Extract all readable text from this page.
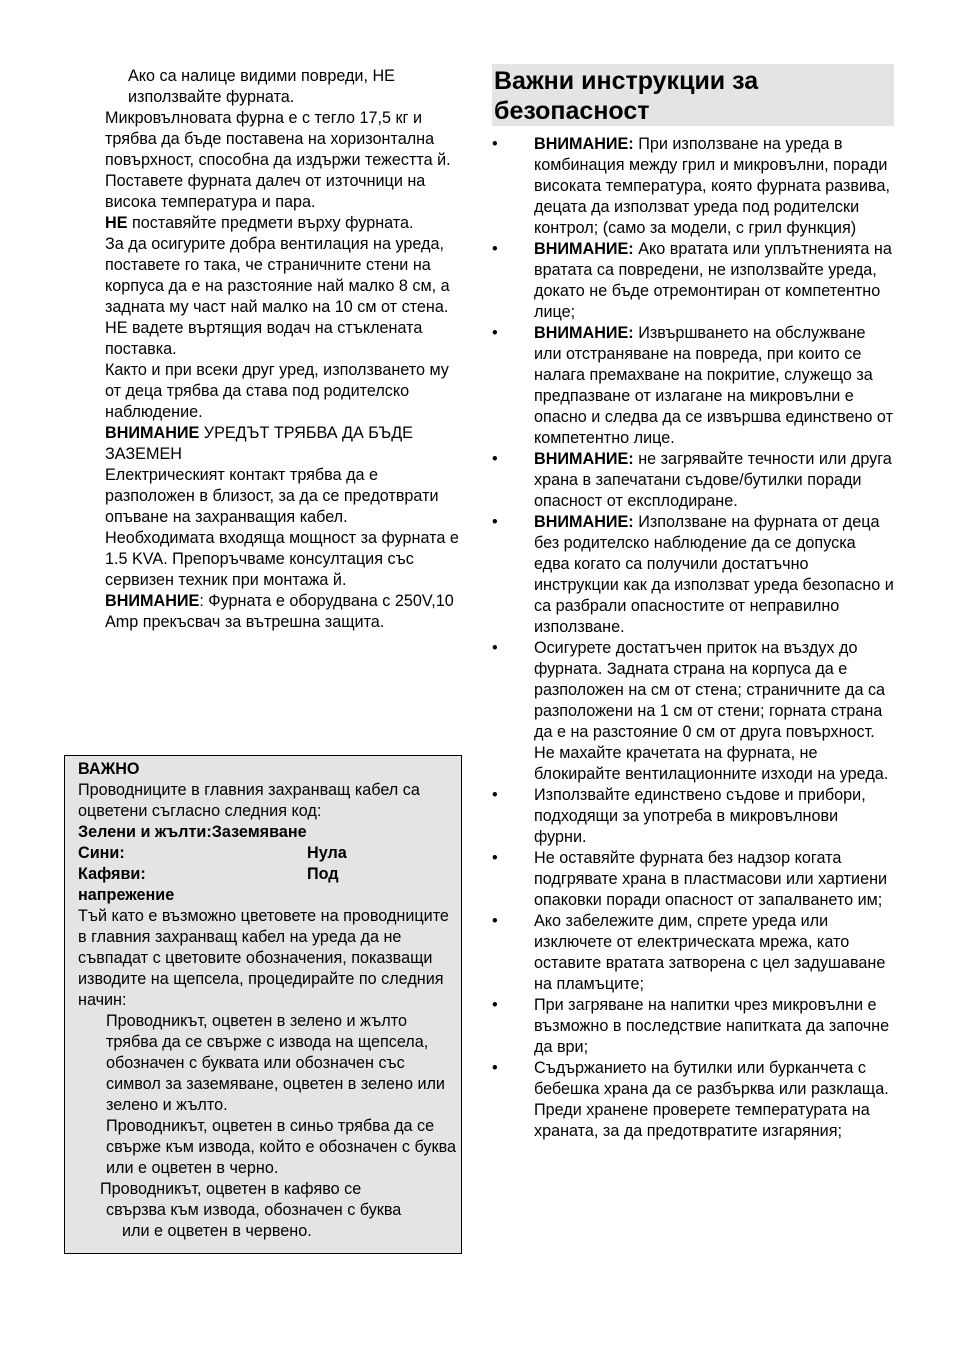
Ако са налице видими повреди, НЕ използвайте фурната.

Микровълновата фурна е с тегло 17,5 кг и трябва да бъде поставена на хоризонтална повърхност, способна да издържи тежестта й.

Поставете фурната далеч от източници на висока температура и пара.

НЕ поставяйте предмети върху фурната.

За да осигурите добра вентилация на уреда, поставете го така, че страничните стени на корпуса да е на разстояние най малко 8 см, а задната му част най малко на 10 см от стена.

НЕ вадете въртящия водач на стъклената поставка.

Както и при всеки друг уред, използването му от деца трябва да става под родителско наблюдение.

ВНИМАНИЕ УРЕДЪТ ТРЯБВА ДА БЪДЕ ЗАЗЕМЕН

Електрическият контакт трябва да е разположен в близост, за да се предотврати опъване на захранващия кабел.

Необходимата входяща мощност за фурната е 1.5 KVA. Препоръчваме консултация със сервизен техник при монтажа й.

ВНИМАНИЕ: Фурната е оборудвана с 250V,10 Amp прекъсвач за вътрешна защита.

ВАЖНО

Проводниците в главния захранващ кабел са оцветени съгласно следния код:

Зелени и жълти: Заземяване
Сини:	Нула
Кафяви:	Под

напрежение

Тъй като е възможно цветовете на проводниците в главния захранващ кабел на уреда да не съвпадат с цветовите обозначения, показващи изводите на щепсела, процедирайте по следния начин:

Проводникът, оцветен в зелено и жълто трябва да се свърже с извода на щепсела, обозначен с буквата или обозначен със символ за заземяване, оцветен в зелено или зелено и жълто.

Проводникът, оцветен в синьо трябва да се свърже към извода, който е обозначен с буква или е оцветен в черно.

Проводникът, оцветен в кафяво се
свързва към извода, обозначен с буква
или е оцветен в червено.

Важни инструкции за безопасност
• ВНИМАНИЕ: При използване на уреда в комбинация между грил и микровълни, поради високата температура, която фурната развива, децата да използват уреда под родителски контрол; (само за модели, с грил функция)
• ВНИМАНИЕ: Ако вратата или уплътненията на вратата са повредени, не използвайте уреда, докато не бъде отремонтиран от компетентно лице;
• ВНИМАНИЕ: Извършването на обслужване или отстраняване на повреда, при които се налага премахване на покритие, служещо за предпазване от излагане на микровълни е опасно и следва да се извършва единствено от компетентно лице.
• ВНИМАНИЕ: не загрявайте течности или друга храна в запечатани съдове/бутилки поради опасност от експлодиране.
• ВНИМАНИЕ: Използване на фурната от деца без родителско наблюдение да се допуска едва когато са получили достатъчно инструкции как да използват уреда безопасно и са разбрали опасностите от неправилно използване.
• Осигурете достатъчен приток на въздух до фурната. Задната страна на корпуса да е разположен на см от стена; страничните да са разположени на 1 см от стени; горната страна да е на разстояние 0 см от друга повърхност. Не махайте крачетата на фурната, не блокирайте вентилационните изходи на уреда.
• Използвайте единствено съдове и прибори, подходящи за употреба в микровълнови фурни.
• Не оставяйте фурната без надзор когата подгрявате храна в пластмасови или хартиени опаковки поради опасност от запалването им;
• Ако забележите дим, спрете уреда или изключете от електрическата мрежа, като оставите вратата затворена с цел задушаване на пламъците;
• При загряване на напитки чрез микровълни е възможно в последствие напитката да започне да ври;
• Съдържанието на бутилки или бурканчета с бебешка храна да се разбърква или разклаща. Преди хранене проверете температурата на храната, за да предотвратите изгаряния;
